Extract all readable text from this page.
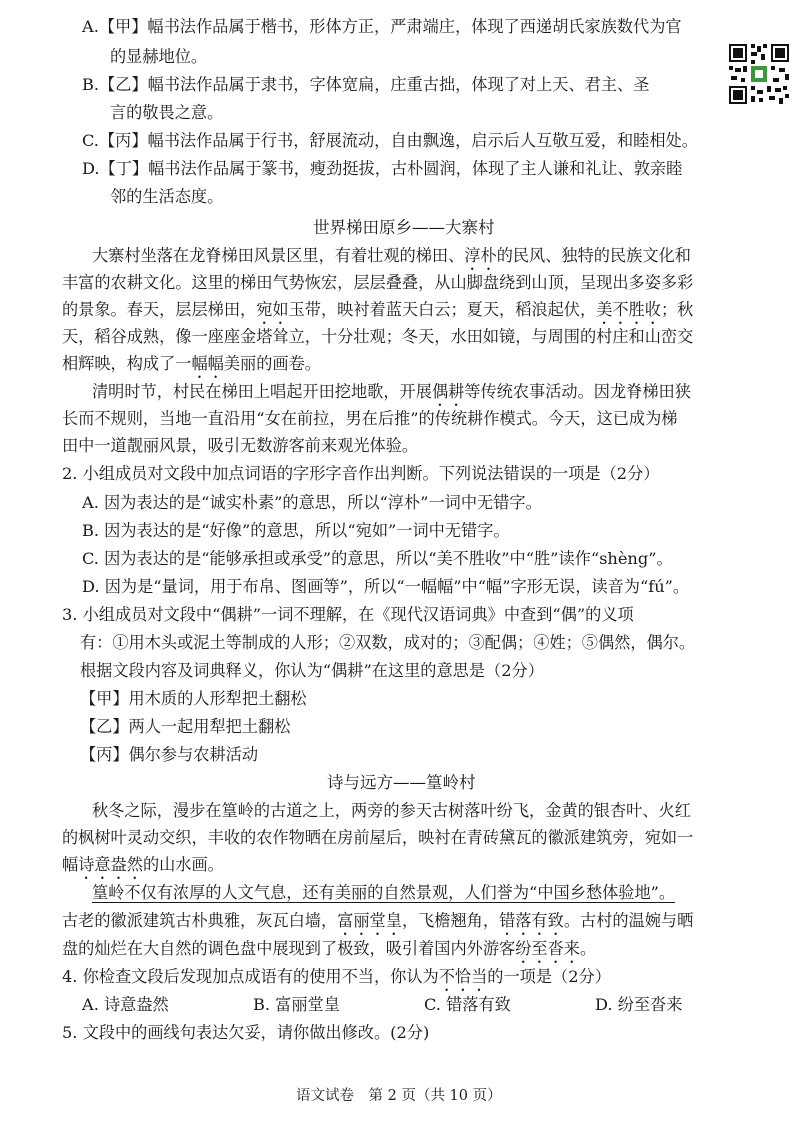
A.【甲】幅书法作品属于楷书，形体方正，严肃端庄，体现了西递胡氏家族数代为官
的显赫地位。
B.【乙】幅书法作品属于隶书，字体宽扁，庄重古拙，体现了对上天、君主、圣
言的敬畏之意。
C.【丙】幅书法作品属于行书，舒展流动，自由飘逸，启示后人互敬互爱，和睦相处。
D.【丁】幅书法作品属于篆书，瘦劲挺拔，古朴圆润，体现了主人谦和礼让、敦亲睦
邻的生活态度。
世界梯田原乡——大寨村
大寨村坐落在龙脊梯田风景区里，有着壮观的梯田、淳朴的民风、独特的民族文化和
丰富的农耕文化。这里的梯田气势恢宏，层层叠叠，从山脚盘绕到山顶，呈现出多姿多彩
的景象。春天，层层梯田，宛如玉带，映衬着蓝天白云；夏天，稻浪起伏，美不胜收；秋
天，稻谷成熟，像一座座金塔耸立，十分壮观；冬天，水田如镜，与周围的村庄和山峦交
相辉映，构成了一幅幅美丽的画卷。
清明时节，村民在梯田上唱起开田挖地歌，开展偶耕等传统农事活动。因龙脊梯田狭
长而不规则，当地一直沿用“女在前拉，男在后推”的传统耕作模式。今天，这已成为梯
田中一道靓丽风景，吸引无数游客前来观光体验。
2. 小组成员对文段中加点词语的字形字音作出判断。下列说法错误的一项是（2分）
A. 因为表达的是“诚实朴素”的意思，所以“淳朴”一词中无错字。
B. 因为表达的是“好像”的意思，所以“宛如”一词中无错字。
C. 因为表达的是“能够承担或承受”的意思，所以“美不胜收”中“胜”读作“shèng”。
D. 因为是“量词，用于布帛、图画等”，所以“一幅幅”中“幅”字形无误，读音为“fú”。
3. 小组成员对文段中“偶耕”一词不理解，在《现代汉语词典》中查到“偶”的义项
有：①用木头或泥土等制成的人形；②双数，成对的；③配偶；④姓；⑤偶然，偶尔。
根据文段内容及词典释义，你认为“偶耕”在这里的意思是（2分）
【甲】用木质的人形犁把土翻松
【乙】两人一起用犁把土翻松
【丙】偶尔参与农耕活动
诗与远方——篁岭村
秋冬之际，漫步在篁岭的古道之上，两旁的参天古树落叶纷飞，金黄的银杏叶、火红
的枫树叶灵动交织，丰收的农作物晒在房前屋后，映衬在青砖黛瓦的徽派建筑旁，宛如一
幅诗意盎然的山水画。
篁岭不仅有浓厚的人文气息，还有美丽的自然景观，人们誉为“中国乡愁体验地”。
古老的徽派建筑古朴典雅，灰瓦白墙，富丽堂皇，飞檐翘角，错落有致。古村的温婉与晒
盘的灿烂在大自然的调色盘中展现到了极致，吸引着国内外游客纷至沓来。
4. 你检查文段后发现加点成语有的使用不当，你认为不恰当的一项是（2分）
A. 诗意盎然	B. 富丽堂皇	C. 错落有致	D. 纷至沓来
5. 文段中的画线句表达欠妥，请你做出修改。(2分)
语文试卷　第 2 页（共 10 页）
